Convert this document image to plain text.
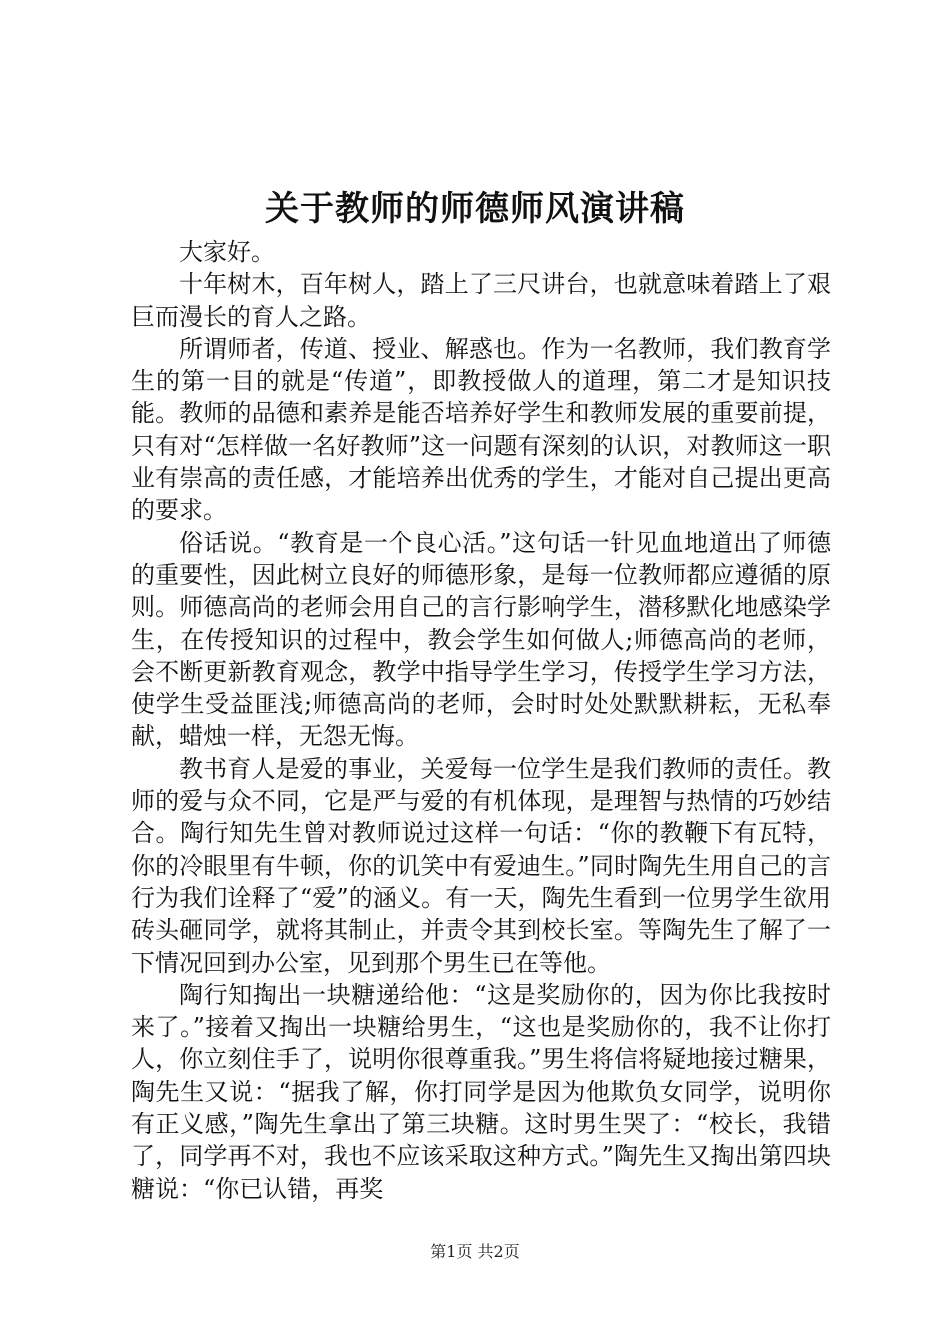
关于教师的师德师风演讲稿

大家好。

十年树木，百年树人，踏上了三尺讲台，也就意味着踏上了艰巨而漫长的育人之路。

所谓师者，传道、授业、解惑也。作为一名教师，我们教育学生的第一目的就是“传道”，即教授做人的道理，第二才是知识技能。教师的品德和素养是能否培养好学生和教师发展的重要前提，只有对“怎样做一名好教师”这一问题有深刻的认识，对教师这一职业有崇高的责任感，才能培养出优秀的学生，才能对自己提出更高的要求。

俗话说。“教育是一个良心活。”这句话一针见血地道出了师德的重要性，因此树立良好的师德形象，是每一位教师都应遵循的原则。师德高尚的老师会用自己的言行影响学生，潜移默化地感染学生，在传授知识的过程中，教会学生如何做人;师德高尚的老师，会不断更新教育观念，教学中指导学生学习，传授学生学习方法，使学生受益匪浅;师德高尚的老师，会时时处处默默耕耘，无私奉献，蜡烛一样，无怨无悔。

教书育人是爱的事业，关爱每一位学生是我们教师的责任。教师的爱与众不同，它是严与爱的有机体现，是理智与热情的巧妙结合。陶行知先生曾对教师说过这样一句话：“你的教鞭下有瓦特，你的冷眼里有牛顿，你的讥笑中有爱迪生。”同时陶先生用自己的言行为我们诠释了“爱”的涵义。有一天，陶先生看到一位男学生欲用砖头砸同学，就将其制止，并责令其到校长室。等陶先生了解了一下情况回到办公室，见到那个男生已在等他。

陶行知掏出一块糖递给他：“这是奖励你的，因为你比我按时来了。”接着又掏出一块糖给男生，“这也是奖励你的，我不让你打人，你立刻住手了，说明你很尊重我。”男生将信将疑地接过糖果，陶先生又说：“据我了解，你打同学是因为他欺负女同学，说明你有正义感，”陶先生拿出了第三块糖。这时男生哭了：“校长，我错了，同学再不对，我也不应该采取这种方式。”陶先生又掏出第四块糖说：“你已认错，再奖

第1页 共2页
